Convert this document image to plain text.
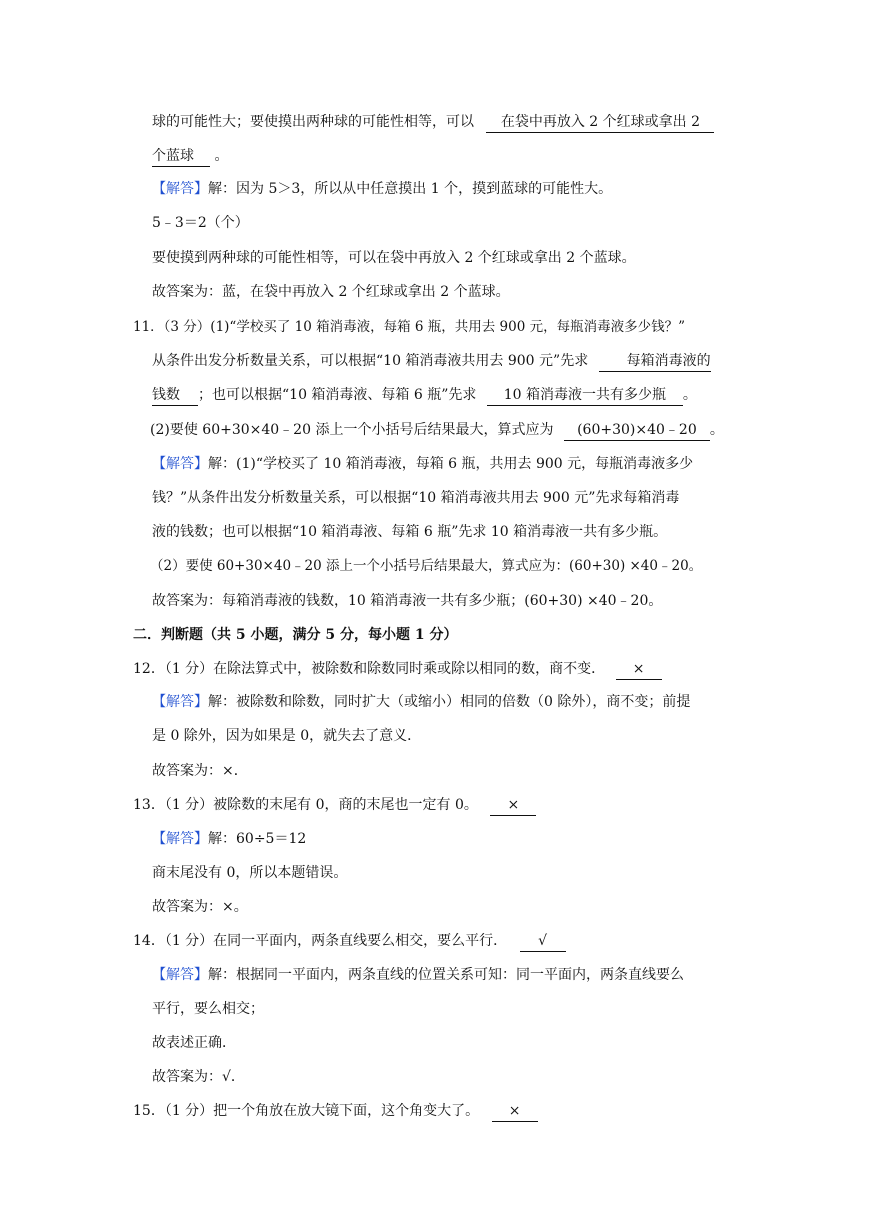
球的可能性大；要使摸出两种球的可能性相等，可以 在袋中再放入 2 个红球或拿出 2
个蓝球 。
【解答】解：因为 5＞3，所以从中任意摸出 1 个，摸到蓝球的可能性大。
5﹣3＝2（个）
要使摸到两种球的可能性相等，可以在袋中再放入 2 个红球或拿出 2 个蓝球。
故答案为：蓝，在袋中再放入 2 个红球或拿出 2 个蓝球。
11．（3 分）(1)“学校买了 10 箱消毒液，每箱 6 瓶，共用去 900 元，每瓶消毒液多少钱？”
从条件出发分析数量关系，可以根据“10 箱消毒液共用去 900 元”先求	每箱消毒液的
钱数 ；也可以根据“10 箱消毒液、每箱 6 瓶”先求 10 箱消毒液一共有多少瓶 。
(2)要使 60+30×40﹣20 添上一个小括号后结果最大，算式应为 (60+30)×40﹣20 。
【解答】解：(1)“学校买了 10 箱消毒液，每箱 6 瓶，共用去 900 元，每瓶消毒液多少
钱？”从条件出发分析数量关系，可以根据“10 箱消毒液共用去 900 元”先求每箱消毒
液的钱数；也可以根据“10 箱消毒液、每箱 6 瓶”先求 10 箱消毒液一共有多少瓶。
（2）要使 60+30×40﹣20 添上一个小括号后结果最大，算式应为：(60+30) ×40﹣20。
故答案为：每箱消毒液的钱数，10 箱消毒液一共有多少瓶；(60+30) ×40﹣20。
二．判断题（共 5 小题，满分 5 分，每小题 1 分）
12．（1 分）在除法算式中，被除数和除数同时乘或除以相同的数，商不变． ×
【解答】解：被除数和除数，同时扩大（或缩小）相同的倍数（0 除外），商不变；前提
是 0 除外，因为如果是 0，就失去了意义．
故答案为：×．
13．（1 分）被除数的末尾有 0，商的末尾也一定有 0。 ×
【解答】解：60÷5＝12
商末尾没有 0，所以本题错误。
故答案为：×。
14．（1 分）在同一平面内，两条直线要么相交，要么平行． √
【解答】解：根据同一平面内，两条直线的位置关系可知：同一平面内，两条直线要么
平行，要么相交；
故表述正确．
故答案为：√．
15．（1 分）把一个角放在放大镜下面，这个角变大了。 ×
